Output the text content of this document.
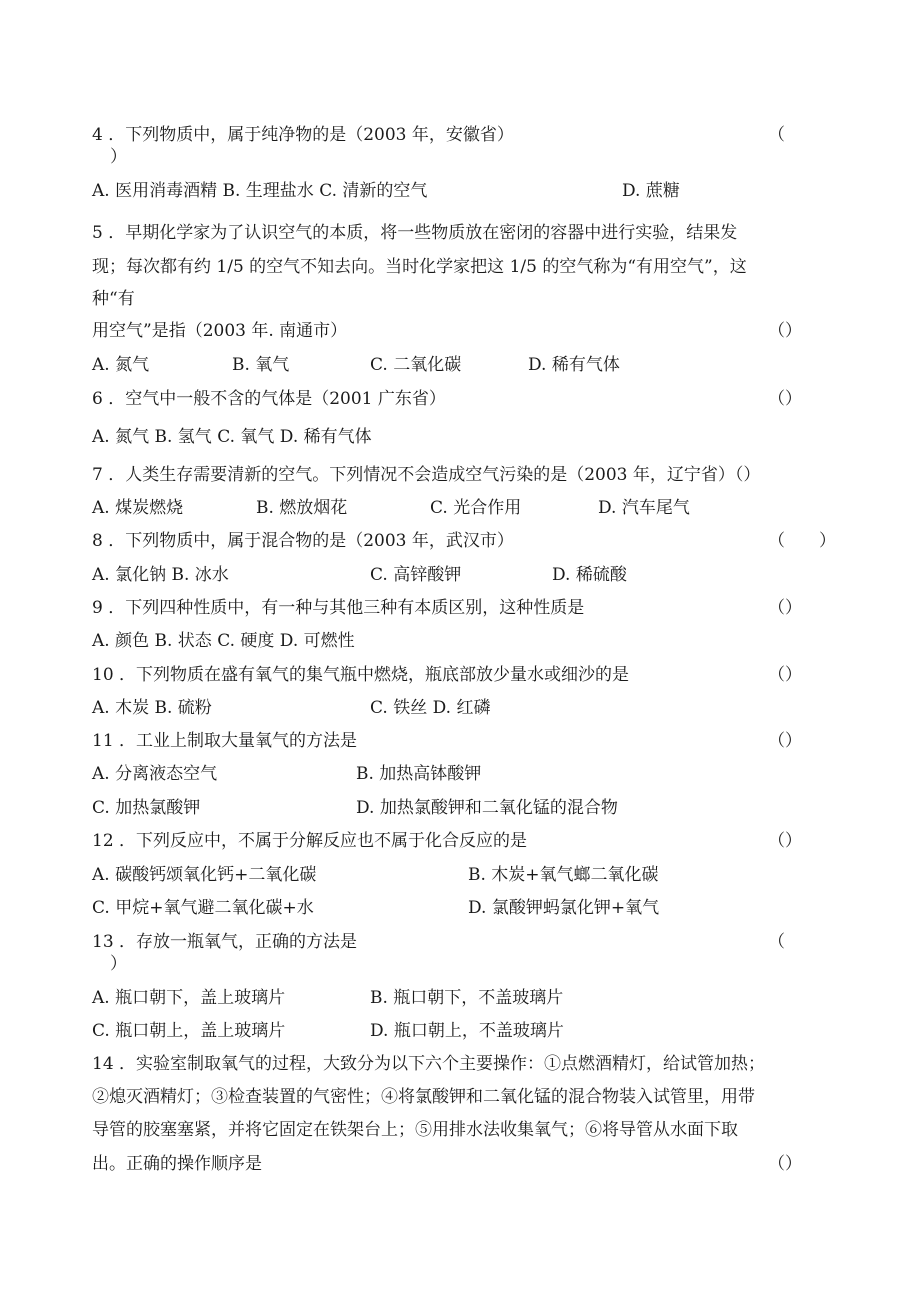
4 ．下列物质中，属于纯净物的是（2003 年，安徽省）	（
）
A. 医用消毒酒精 B. 生理盐水 C. 清新的空气	D. 蔗糖
5 ．早期化学家为了认识空气的本质，将一些物质放在密闭的容器中进行实验，结果发
现；每次都有约 1/5 的空气不知去向。当时化学家把这 1/5 的空气称为“有用空气”，这
种“有
用空气”是指（2003 年. 南通市）	（）
A. 氮气	B. 氧气	C. 二氧化碳	D. 稀有气体
6 ．空气中一般不含的气体是（2001 广东省）	（）
A. 氮气 B. 氢气 C. 氧气 D. 稀有气体
7 ．人类生存需要清新的空气。下列情况不会造成空气污染的是（2003 年，辽宁省）（）
A. 煤炭燃烧	B. 燃放烟花	C. 光合作用	D. 汽车尾气
8 ．下列物质中，属于混合物的是（2003 年，武汉市）	（　　）
A. 氯化钠 B. 冰水	C. 高锌酸钾	D. 稀硫酸
9 ．下列四种性质中，有一种与其他三种有本质区别，这种性质是	（）
A. 颜色 B. 状态 C. 硬度 D. 可燃性
10 ．下列物质在盛有氧气的集气瓶中燃烧，瓶底部放少量水或细沙的是	（）
A. 木炭 B. 硫粉	C. 铁丝 D. 红磷
11 ．工业上制取大量氧气的方法是	（）
A. 分离液态空气	B. 加热高钵酸钾
C. 加热氯酸钾	D. 加热氯酸钾和二氧化锰的混合物
12 ．下列反应中，不属于分解反应也不属于化合反应的是	（）
A. 碳酸钙颂氧化钙+二氧化碳	B. 木炭+氧气螂二氧化碳
C. 甲烷+氧气避二氧化碳+水	D. 氯酸钾蚂氯化钾+氧气
13 ．存放一瓶氧气，正确的方法是	（
）
A. 瓶口朝下，盖上玻璃片	B. 瓶口朝下，不盖玻璃片
C. 瓶口朝上，盖上玻璃片	D. 瓶口朝上，不盖玻璃片
14 ．实验室制取氧气的过程，大致分为以下六个主要操作：①点燃酒精灯，给试管加热；
②熄灭酒精灯；③检查装置的气密性；④将氯酸钾和二氧化锰的混合物装入试管里，用带
导管的胶塞塞紧，并将它固定在铁架台上；⑤用排水法收集氧气；⑥将导管从水面下取
出。正确的操作顺序是	（）
